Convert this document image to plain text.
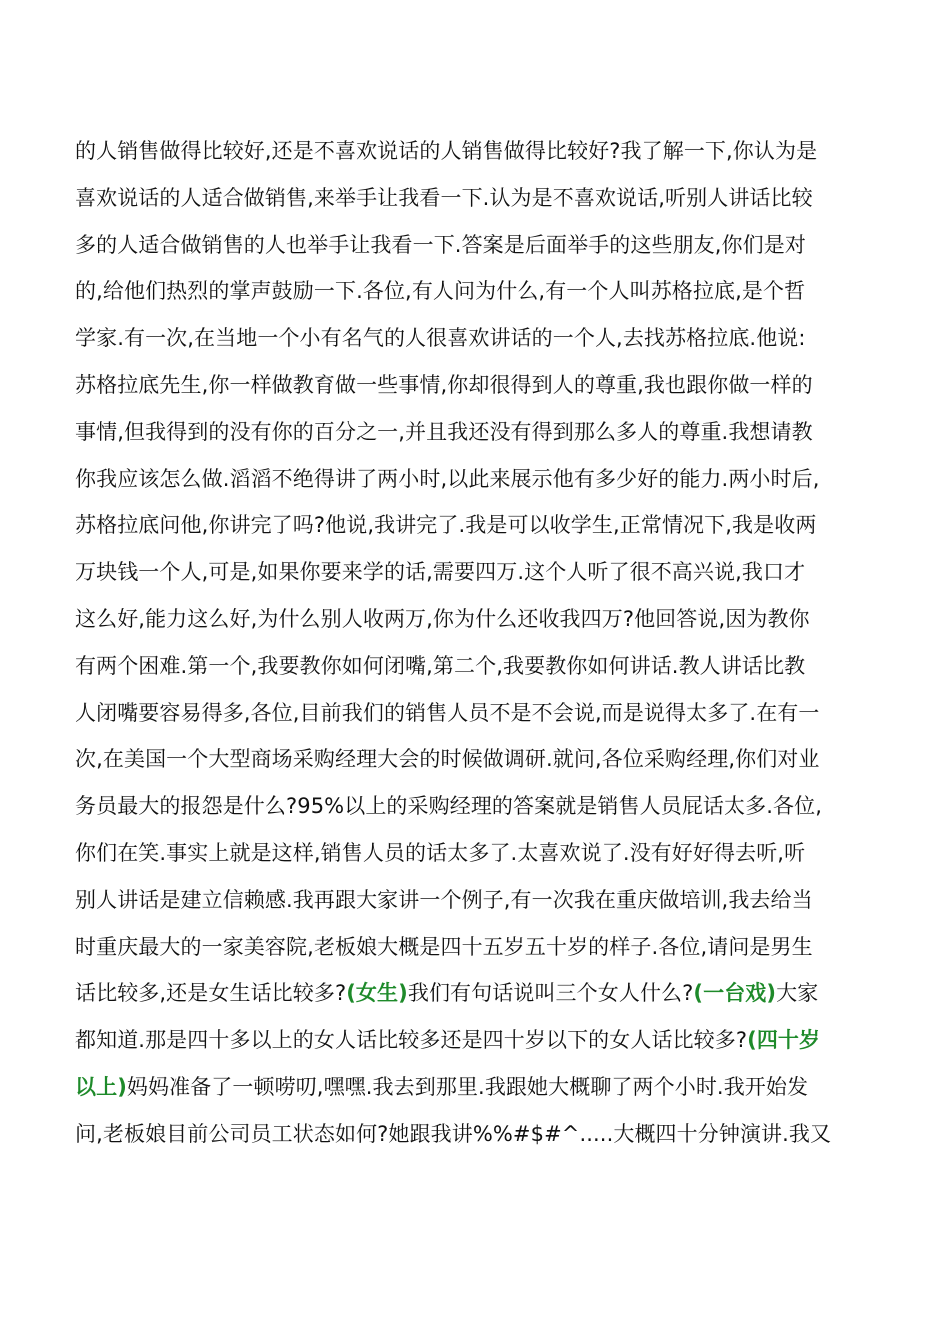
的人销售做得比较好,还是不喜欢说话的人销售做得比较好?我了解一下,你认为是
喜欢说话的人适合做销售,来举手让我看一下.认为是不喜欢说话,听别人讲话比较
多的人适合做销售的人也举手让我看一下.答案是后面举手的这些朋友,你们是对
的,给他们热烈的掌声鼓励一下.各位,有人问为什么,有一个人叫苏格拉底,是个哲
学家.有一次,在当地一个小有名气的人很喜欢讲话的一个人,去找苏格拉底.他说:
苏格拉底先生,你一样做教育做一些事情,你却很得到人的尊重,我也跟你做一样的
事情,但我得到的没有你的百分之一,并且我还没有得到那么多人的尊重.我想请教
你我应该怎么做.滔滔不绝得讲了两小时,以此来展示他有多少好的能力.两小时后,
苏格拉底问他,你讲完了吗?他说,我讲完了.我是可以收学生,正常情况下,我是收两
万块钱一个人,可是,如果你要来学的话,需要四万.这个人听了很不高兴说,我口才
这么好,能力这么好,为什么别人收两万,你为什么还收我四万?他回答说,因为教你
有两个困难.第一个,我要教你如何闭嘴,第二个,我要教你如何讲话.教人讲话比教
人闭嘴要容易得多,各位,目前我们的销售人员不是不会说,而是说得太多了.在有一
次,在美国一个大型商场采购经理大会的时候做调研.就问,各位采购经理,你们对业
务员最大的报怨是什么?95%以上的采购经理的答案就是销售人员屁话太多.各位,
你们在笑.事实上就是这样,销售人员的话太多了.太喜欢说了.没有好好得去听,听
别人讲话是建立信赖感.我再跟大家讲一个例子,有一次我在重庆做培训,我去给当
时重庆最大的一家美容院,老板娘大概是四十五岁五十岁的样子.各位,请问是男生
话比较多,还是女生话比较多?(女生)我们有句话说叫三个女人什么?(一台戏)大家
都知道.那是四十多以上的女人话比较多还是四十岁以下的女人话比较多?(四十岁
以上)妈妈准备了一顿唠叨,嘿嘿.我去到那里.我跟她大概聊了两个小时.我开始发
问,老板娘目前公司员工状态如何?她跟我讲%%#$#^.....大概四十分钟演讲.我又
